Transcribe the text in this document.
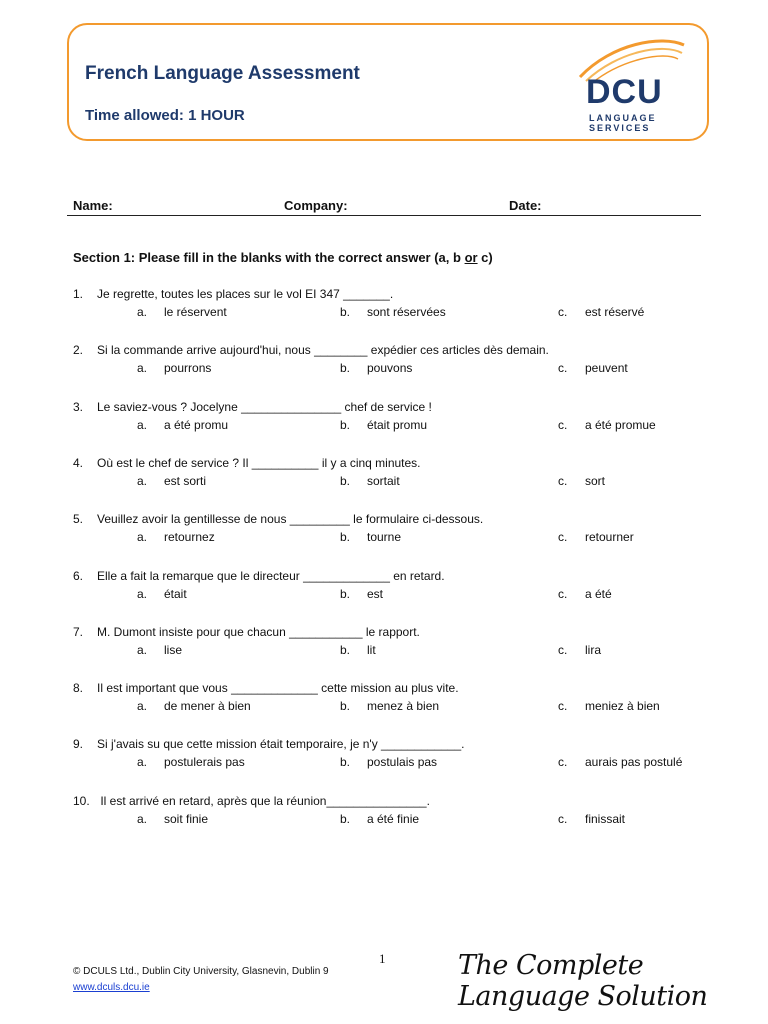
French Language Assessment
Time allowed: 1 HOUR
DCU
LANGUAGE SERVICES
Name:	Company:	Date:
Section 1: Please fill in the blanks with the correct answer (a, b or c)
1. Je regrette, toutes les places sur le vol EI 347 _______.
a. le réservent	b. sont réservées	c. est réservé
2. Si la commande arrive aujourd'hui, nous ________ expédier ces articles dès demain.
a. pourrons	b. pouvons	c. peuvent
3. Le saviez-vous ? Jocelyne _______________ chef de service !
a. a été promu	b. était promu	c. a été promue
4. Où est le chef de service ? Il __________ il y a cinq minutes.
a. est sorti	b. sortait	c. sort
5. Veuillez avoir la gentillesse de nous _________ le formulaire ci-dessous.
a. retournez	b. tourne	c. retourner
6. Elle a fait la remarque que le directeur _____________ en retard.
a. était	b. est	c. a été
7. M. Dumont insiste pour que chacun ___________ le rapport.
a. lise	b. lit	c. lira
8. Il est important que vous _____________ cette mission au plus vite.
a. de mener à bien	b. menez à bien	c. meniez à bien
9. Si j'avais su que cette mission était temporaire, je n'y ____________.
a. postulerais pas	b. postulais pas	c. aurais pas postulé
10. Il est arrivé en retard, après que la réunion_______________.
a. soit finie	b. a été finie	c. finissait
1
© DCULS Ltd., Dublin City University, Glasnevin, Dublin 9
www.dculs.dcu.ie
The Complete Language Solution
